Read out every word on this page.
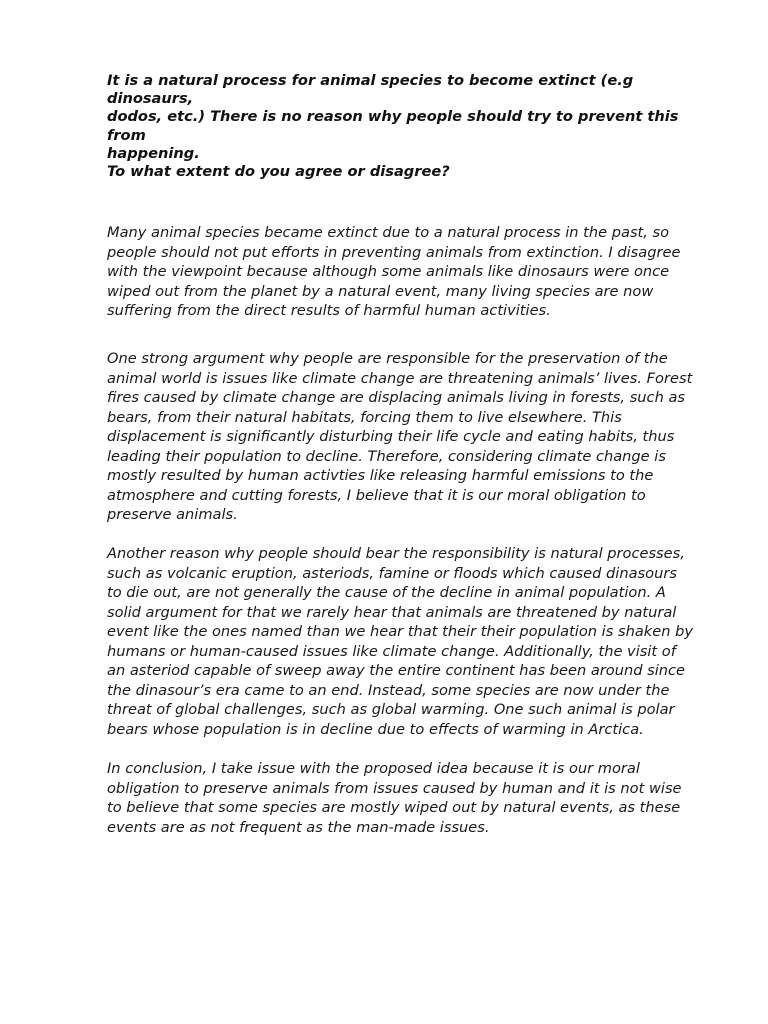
It is a natural process for animal species to become extinct (e.g
dinosaurs,
dodos, etc.) There is no reason why people should try to prevent this
from
happening.
To what extent do you agree or disagree?
Many animal species became extinct due to a natural process in the past, so
people should not put efforts in preventing animals from extinction. I disagree
with the viewpoint because although some animals like dinosaurs were once
wiped out from the planet by a natural event, many living species are now
suffering from the direct results of harmful human activities.
One strong argument why people are responsible for the preservation of the
animal world is issues like climate change are threatening animals’ lives. Forest
fires caused by climate change are displacing animals living in forests, such as
bears, from their natural habitats, forcing them to live elsewhere. This
displacement is significantly disturbing their life cycle and eating habits, thus
leading their population to decline. Therefore, considering climate change is
mostly resulted by human activties like releasing harmful emissions to the
atmosphere and cutting forests, I believe that it is our moral obligation to
preserve animals.
Another reason why people should bear the responsibility is natural processes,
such as volcanic eruption, asteriods, famine or floods which caused dinasours
to die out, are not generally the cause of the decline in animal population. A
solid argument for that we rarely hear that animals are threatened by natural
event like the ones named than we hear that their their population is shaken by
humans or human-caused issues like climate change. Additionally, the visit of
an asteriod capable of sweep away the entire continent has been around since
the dinasour’s era came to an end. Instead, some species are now under the
threat of global challenges, such as global warming. One such animal is polar
bears whose population is in decline due to effects of warming in Arctica.
In conclusion, I take issue with the proposed idea because it is our moral
obligation to preserve animals from issues caused by human and it is not wise
to believe that some species are mostly wiped out by natural events, as these
events are as not frequent as the man-made issues.
